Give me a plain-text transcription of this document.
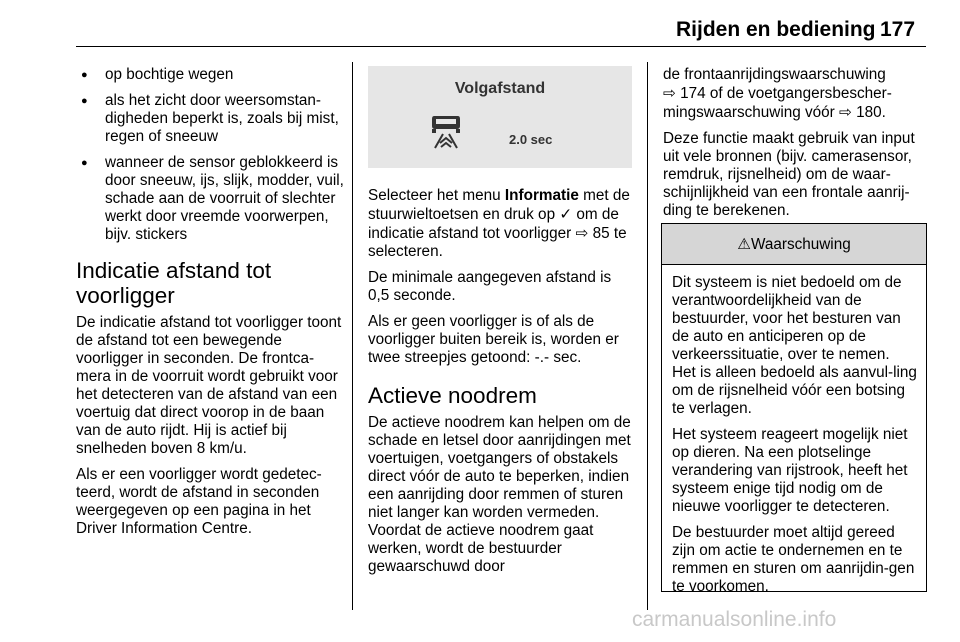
Rijden en bediening 177
● op bochtige wegen
● als het zicht door weersomstan-digheden beperkt is, zoals bij mist, regen of sneeuw
● wanneer de sensor geblokkeerd is door sneeuw, ijs, slijk, modder, vuil, schade aan de voorruit of slechter werkt door vreemde voorwerpen, bijv. stickers
Indicatie afstand tot voorligger

De indicatie afstand tot voorligger toont de afstand tot een bewegende voorligger in seconden. De frontca-mera in de voorruit wordt gebruikt voor het detecteren van de afstand van een voertuig dat direct voorop in de baan van de auto rijdt. Hij is actief bij snelheden boven 8 km/u.

Als er een voorligger wordt gedetec-teerd, wordt de afstand in seconden weergegeven op een pagina in het Driver Information Centre.

Volgafstand
2.0 sec

Selecteer het menu Informatie met de stuurwieltoetsen en druk op ✓ om de indicatie afstand tot voorligger ⇨ 85 te selecteren.

De minimale aangegeven afstand is 0,5 seconde.

Als er geen voorligger is of als de voorligger buiten bereik is, worden er twee streepjes getoond: -.- sec.

Actieve noodrem

De actieve noodrem kan helpen om de schade en letsel door aanrijdingen met voertuigen, voetgangers of obstakels direct vóór de auto te beperken, indien een aanrijding door remmen of sturen niet langer kan worden vermeden. Voordat de actieve noodrem gaat werken, wordt de bestuurder gewaarschuwd door

de frontaanrijdingswaarschuwing
⇨ 174 of de voetgangersbescher-mingswaarschuwing vóór ⇨ 180.

Deze functie maakt gebruik van input uit vele bronnen (bijv. camerasensor, remdruk, rijsnelheid) om de waar-schijnlijkheid van een frontale aanrij-ding te berekenen.

⚠Waarschuwing

Dit systeem is niet bedoeld om de verantwoordelijkheid van de bestuurder, voor het besturen van de auto en anticiperen op de verkeerssituatie, over te nemen. Het is alleen bedoeld als aanvul-ling om de rijsnelheid vóór een botsing te verlagen.

Het systeem reageert mogelijk niet op dieren. Na een plotselinge verandering van rijstrook, heeft het systeem enige tijd nodig om de nieuwe voorligger te detecteren.

De bestuurder moet altijd gereed zijn om actie te ondernemen en te remmen en sturen om aanrijdin-gen te voorkomen.

carmanualsonline.info
